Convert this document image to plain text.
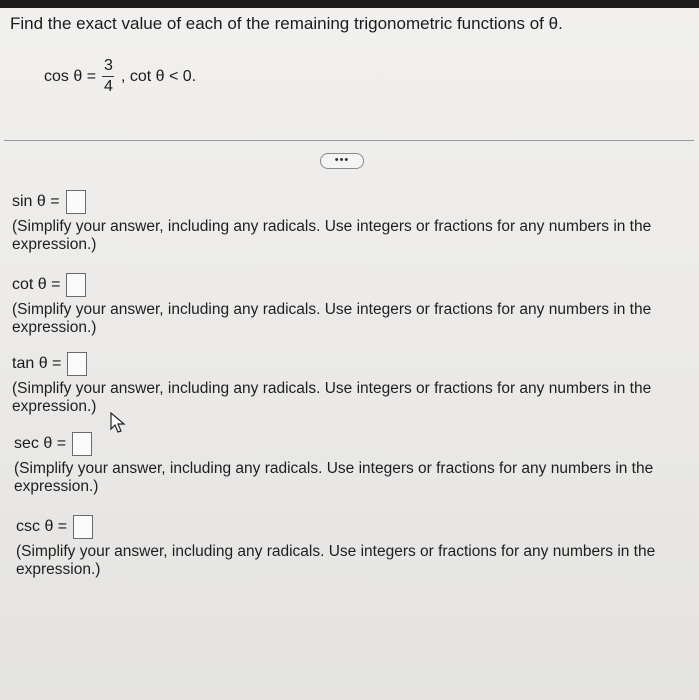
Find the exact value of each of the remaining trigonometric functions of θ.
$\cos \theta = \frac{3}{4}$ , cot θ < 0.
•••
sin θ =
(Simplify your answer, including any radicals. Use integers or fractions for any numbers in the expression.)
cot θ =
(Simplify your answer, including any radicals. Use integers or fractions for any numbers in the expression.)
tan θ =
(Simplify your answer, including any radicals. Use integers or fractions for any numbers in the expression.)
sec θ =
(Simplify your answer, including any radicals. Use integers or fractions for any numbers in the expression.)
csc θ =
(Simplify your answer, including any radicals. Use integers or fractions for any numbers in the expression.)
